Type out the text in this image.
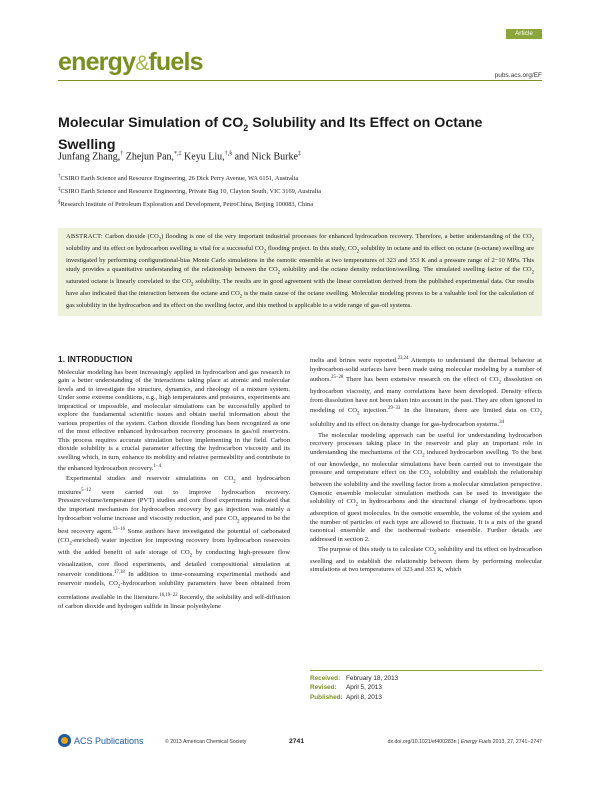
Article
energy&fuels	pubs.acs.org/EF
Molecular Simulation of $CO_2$ Solubility and Its Effect on Octane Swelling
Junfang Zhang,† Zhejun Pan,*,‡ Keyu Liu,†,§ and Nick Burke‡
†CSIRO Earth Science and Resource Engineering, 26 Dick Perry Avenue, WA 6151, Australia
‡CSIRO Earth Science and Resource Engineering, Private Bag 10, Clayton South, VIC 3169, Australia
§Research Institute of Petroleum Exploration and Development, PetroChina, Beijing 100083, China
ABSTRACT: Carbon dioxide $(CO_2)$ flooding is one of the very important industrial processes for enhanced hydrocarbon recovery. Therefore, a better understanding of the $CO_2$ solubility and its effect on hydrocarbon swelling is vital for a successful $CO_2$ flooding project. In this study, $CO_2$ solubility in octane and its effect on octane (n-octane) swelling are investigated by performing configurational-bias Monte Carlo simulations in the osmotic ensemble at two temperatures of 323 and 353 K and a pressure range of 2−10 MPa. This study provides a quantitative understanding of the relationship between the $CO_2$ solubility and the octane density reduction/swelling. The simulated swelling factor of the $CO_2$ saturated octane is linearly correlated to the $CO_2$ solubility. The results are in good agreement with the linear correlation derived from the published experimental data. Our results have also indicated that the interaction between the octane and $CO_2$ is the main cause of the octane swelling. Molecular modeling proves to be a valuable tool for the calculation of gas solubility in the hydrocarbon and its effect on the swelling factor, and this method is applicable to a wide range of gas-oil systems.
1. INTRODUCTION

Molecular modeling has been increasingly applied in hydrocarbon and gas research to gain a better understanding of the interactions taking place at atomic and molecular levels and to investigate the structure, dynamics, and rheology of a mixture system. Under some extreme conditions, e.g., high temperatures and pressures, experiments are impractical or impossible, and molecular simulations can be successfully applied to explore the fundamental scientific issues and obtain useful information about the various properties of the system. Carbon dioxide flooding has been recognized as one of the most effective enhanced hydrocarbon recovery processes in gas/oil reservoirs. This process requires accurate simulation before implementing in the field. Carbon dioxide solubility is a crucial parameter affecting the hydrocarbon viscosity and its swelling which, in turn, enhance its mobility and relative permeability and contribute to the enhanced hydrocarbon recovery.$^{1-4}$

Experimental studies and reservoir simulations on $CO_2$ and hydrocarbon mixtures$^{5-12}$ were carried out to improve hydrocarbon recovery. Pressure/volume/temperature (PVT) studies and core flood experiments indicated that the important mechanism for hydrocarbon recovery by gas injection was mainly a hydrocarbon volume increase and viscosity reduction, and pure $CO_2$ appeared to be the best recovery agent.$^{13-16}$ Some authors have investigated the potential of carbonated $(CO_2-enriched)$ water injection for improving recovery from hydrocarbon reservoirs with the added benefit of safe storage of $CO_2$ by conducting high-pressure flow visualization, core flood experiments, and detailed compositional simulation at reservoir conditions.$^{17,18}$ In addition to time-consuming experimental methods and reservoir models, $CO_2$-hydrocarbon solubility parameters have been obtained from correlations available in the literature.$^{16,19-22}$ Recently, the solubility and self-diffusion of carbon dioxide and hydrogen sulfide in linear polyethylene

melts and brines were reported.$^{23,24}$ Attempts to understand the thermal behavior at hydrocarbon-solid surfaces have been made using molecular modeling by a number of authors.$^{25-28}$ There has been extensive research on the effect of $CO_2$ dissolution on hydrocarbon viscosity, and many correlations have been developed. Density effects from dissolution have not been taken into account in the past. They are often ignored in modeling of $CO_2$ injection.$^{29-33}$ In the literature, there are limited data on $CO_2$ solubility and its effect on density change for gas-hydrocarbon systems.$^{34}$

The molecular modeling approach can be useful for understanding hydrocarbon recovery processes taking place in the reservoir and play an important role in understanding the mechanisms of the $CO_2$ induced hydrocarbon swelling. To the best of our knowledge, no molecular simulations have been carried out to investigate the pressure and temperature effect on the $CO_2$ solubility and establish the relationship between the solubility and the swelling factor from a molecular simulation perspective. Osmotic ensemble molecular simulation methods can be used to investigate the solubility of $CO_2$ in hydrocarbons and the structural change of hydrocarbons upon adsorption of guest molecules. In the osmotic ensemble, the volume of the system and the number of particles of each type are allowed to fluctuate. It is a mix of the grand canonical ensemble and the isothermal−isobaric ensemble. Further details are addressed in section 2.

The purpose of this study is to calculate $CO_2$ solubility and its effect on hydrocarbon swelling and to establish the relationship between them by performing molecular simulations at two temperatures of 323 and 353 K, which

Received: February 18, 2013
Revised: April 5, 2013
Published: April 8, 2013
ACS Publications	© 2013 American Chemical Society	2741	dx.doi.org/10.1021/ef400283n | Energy Fuels 2013, 27, 2741−2747
